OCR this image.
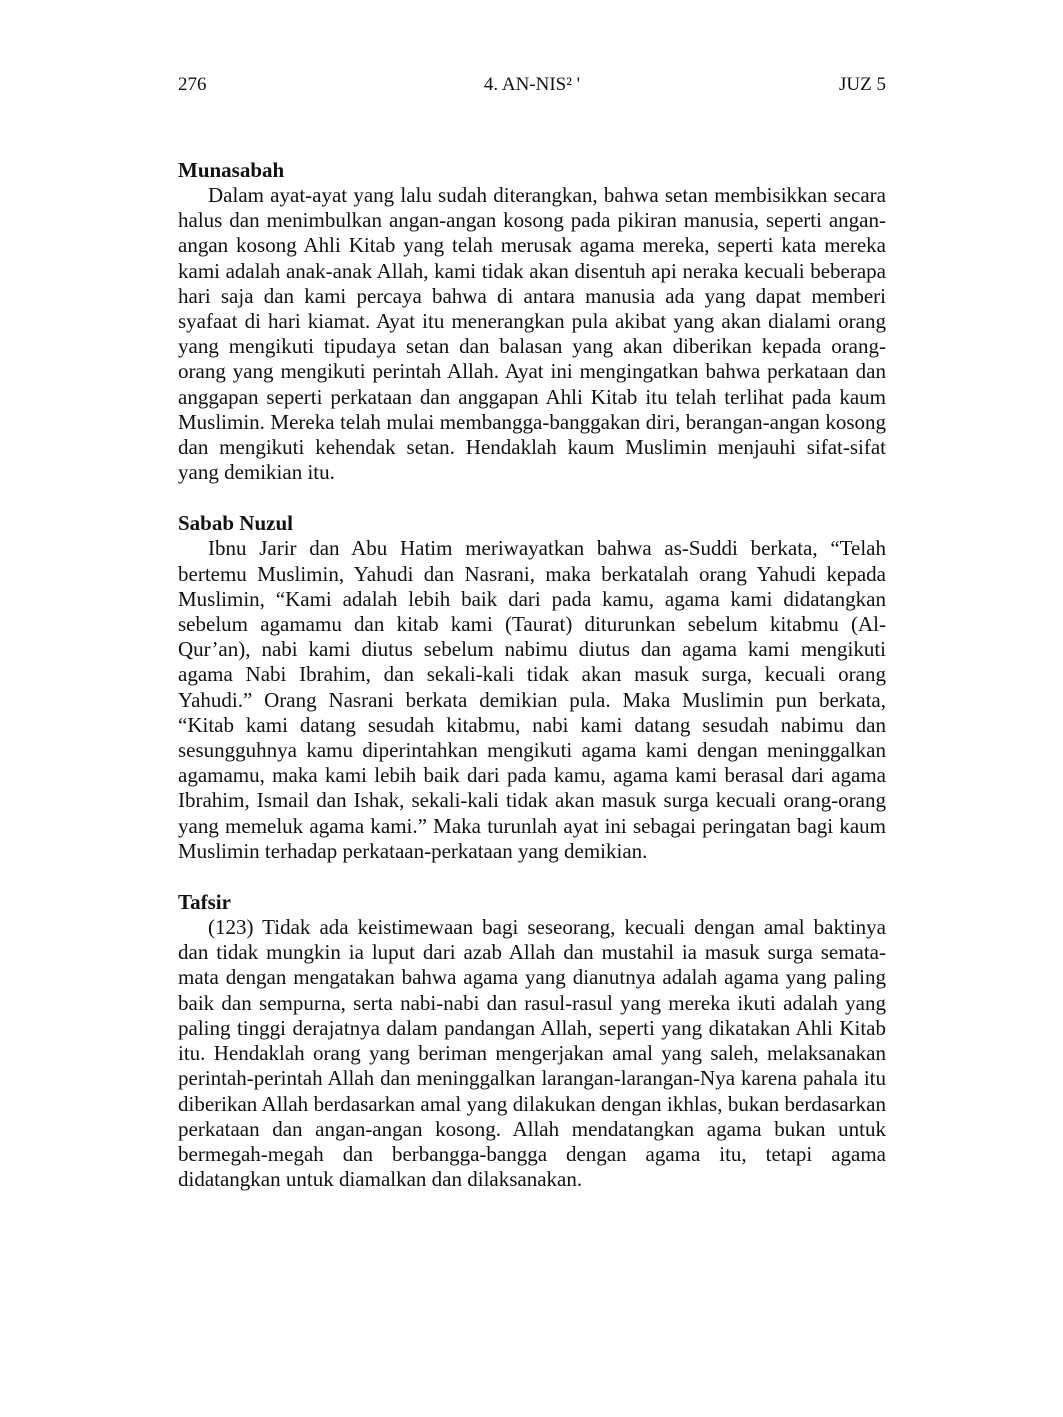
276	4. AN-NIS² '	JUZ 5
Munasabah

Dalam ayat-ayat yang lalu sudah diterangkan, bahwa setan membisikkan secara halus dan menimbulkan angan-angan kosong pada pikiran manusia, seperti angan-angan kosong Ahli Kitab yang telah merusak agama mereka, seperti kata mereka kami adalah anak-anak Allah, kami tidak akan disentuh api neraka kecuali beberapa hari saja dan kami percaya bahwa di antara manusia ada yang dapat memberi syafaat di hari kiamat. Ayat itu menerangkan pula akibat yang akan dialami orang yang mengikuti tipudaya setan dan balasan yang akan diberikan kepada orang-orang yang mengikuti perintah Allah. Ayat ini mengingatkan bahwa perkataan dan anggapan seperti perkataan dan anggapan Ahli Kitab itu telah terlihat pada kaum Muslimin. Mereka telah mulai membangga-banggakan diri, berangan-angan kosong dan mengikuti kehendak setan. Hendaklah kaum Muslimin menjauhi sifat-sifat yang demikian itu.

Sabab Nuzul

Ibnu Jarir dan Abu Hatim meriwayatkan bahwa as-Suddi berkata, “Telah bertemu Muslimin, Yahudi dan Nasrani, maka berkatalah orang Yahudi kepada Muslimin, “Kami adalah lebih baik dari pada kamu, agama kami didatangkan sebelum agamamu dan kitab kami (Taurat) diturunkan sebelum kitabmu (Al-Qur’an), nabi kami diutus sebelum nabimu diutus dan agama kami mengikuti agama Nabi Ibrahim, dan sekali-kali tidak akan masuk surga, kecuali orang Yahudi.” Orang Nasrani berkata demikian pula. Maka Muslimin pun berkata, “Kitab kami datang sesudah kitabmu, nabi kami datang sesudah nabimu dan sesungguhnya kamu diperintahkan mengikuti agama kami dengan meninggalkan agamamu, maka kami lebih baik dari pada kamu, agama kami berasal dari agama Ibrahim, Ismail dan Ishak, sekali-kali tidak akan masuk surga kecuali orang-orang yang memeluk agama kami.” Maka turunlah ayat ini sebagai peringatan bagi kaum Muslimin terhadap perkataan-perkataan yang demikian.

Tafsir

(123) Tidak ada keistimewaan bagi seseorang, kecuali dengan amal baktinya dan tidak mungkin ia luput dari azab Allah dan mustahil ia masuk surga semata-mata dengan mengatakan bahwa agama yang dianutnya adalah agama yang paling baik dan sempurna, serta nabi-nabi dan rasul-rasul yang mereka ikuti adalah yang paling tinggi derajatnya dalam pandangan Allah, seperti yang dikatakan Ahli Kitab itu. Hendaklah orang yang beriman mengerjakan amal yang saleh, melaksanakan perintah-perintah Allah dan meninggalkan larangan-larangan-Nya karena pahala itu diberikan Allah berdasarkan amal yang dilakukan dengan ikhlas, bukan berdasarkan perkataan dan angan-angan kosong. Allah mendatangkan agama bukan untuk bermegah-megah dan berbangga-bangga dengan agama itu, tetapi agama didatangkan untuk diamalkan dan dilaksanakan.
